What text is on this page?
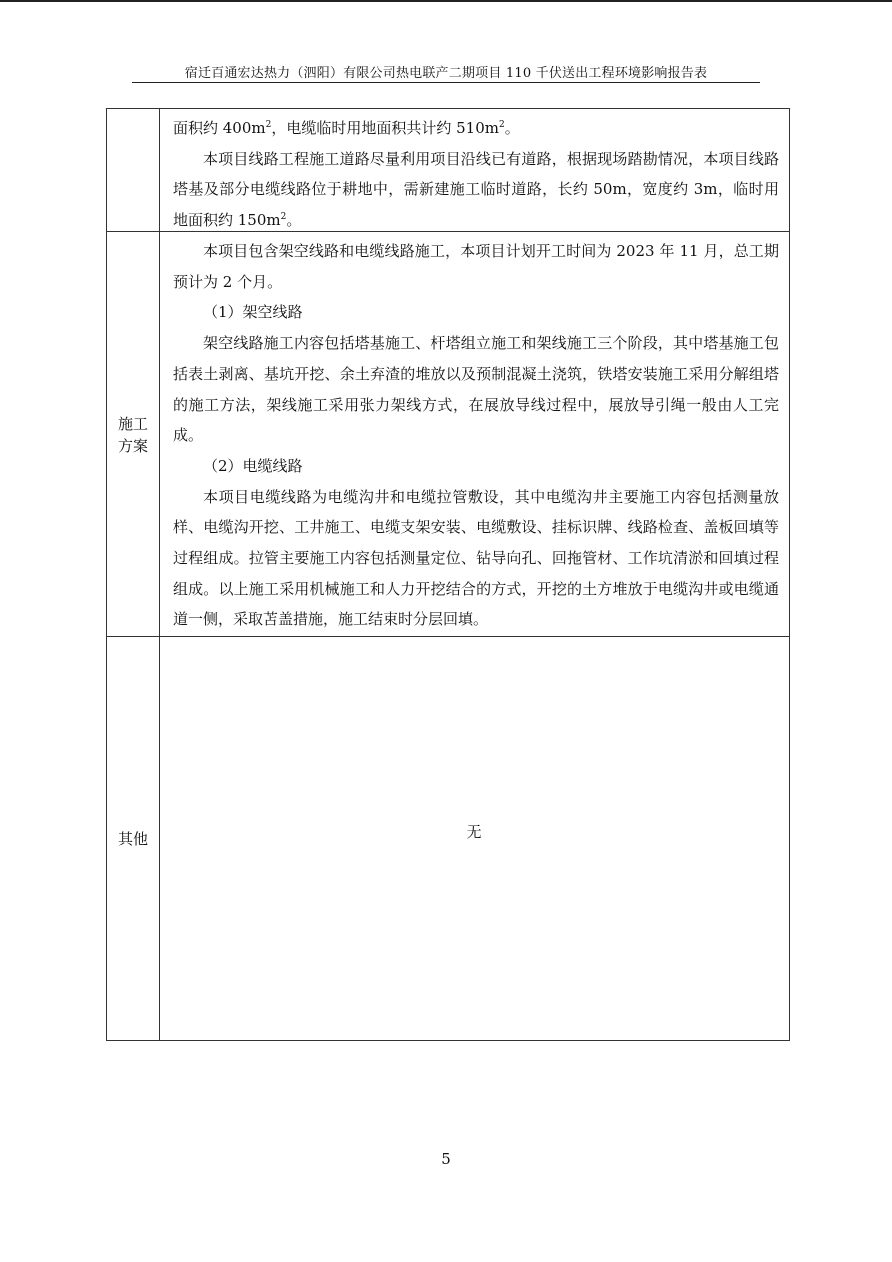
宿迁百通宏达热力（泗阳）有限公司热电联产二期项目 110 千伏送出工程环境影响报告表

面积约 $400m^2$，电缆临时用地面积共计约 $510m^2$。

本项目线路工程施工道路尽量利用项目沿线已有道路，根据现场踏勘情况，本项目线路塔基及部分电缆线路位于耕地中，需新建施工临时道路，长约 50m，宽度约 3m，临时用地面积约 $150m^2$。

施工
方案

本项目包含架空线路和电缆线路施工，本项目计划开工时间为 2023 年 11 月，总工期预计为 2 个月。

（1）架空线路

架空线路施工内容包括塔基施工、杆塔组立施工和架线施工三个阶段，其中塔基施工包括表土剥离、基坑开挖、余土弃渣的堆放以及预制混凝土浇筑，铁塔安装施工采用分解组塔的施工方法，架线施工采用张力架线方式，在展放导线过程中，展放导引绳一般由人工完成。

（2）电缆线路

本项目电缆线路为电缆沟井和电缆拉管敷设，其中电缆沟井主要施工内容包括测量放样、电缆沟开挖、工井施工、电缆支架安装、电缆敷设、挂标识牌、线路检查、盖板回填等过程组成。拉管主要施工内容包括测量定位、钻导向孔、回拖管材、工作坑清淤和回填过程组成。以上施工采用机械施工和人力开挖结合的方式，开挖的土方堆放于电缆沟井或电缆通道一侧，采取苫盖措施，施工结束时分层回填。

其他	无
5
